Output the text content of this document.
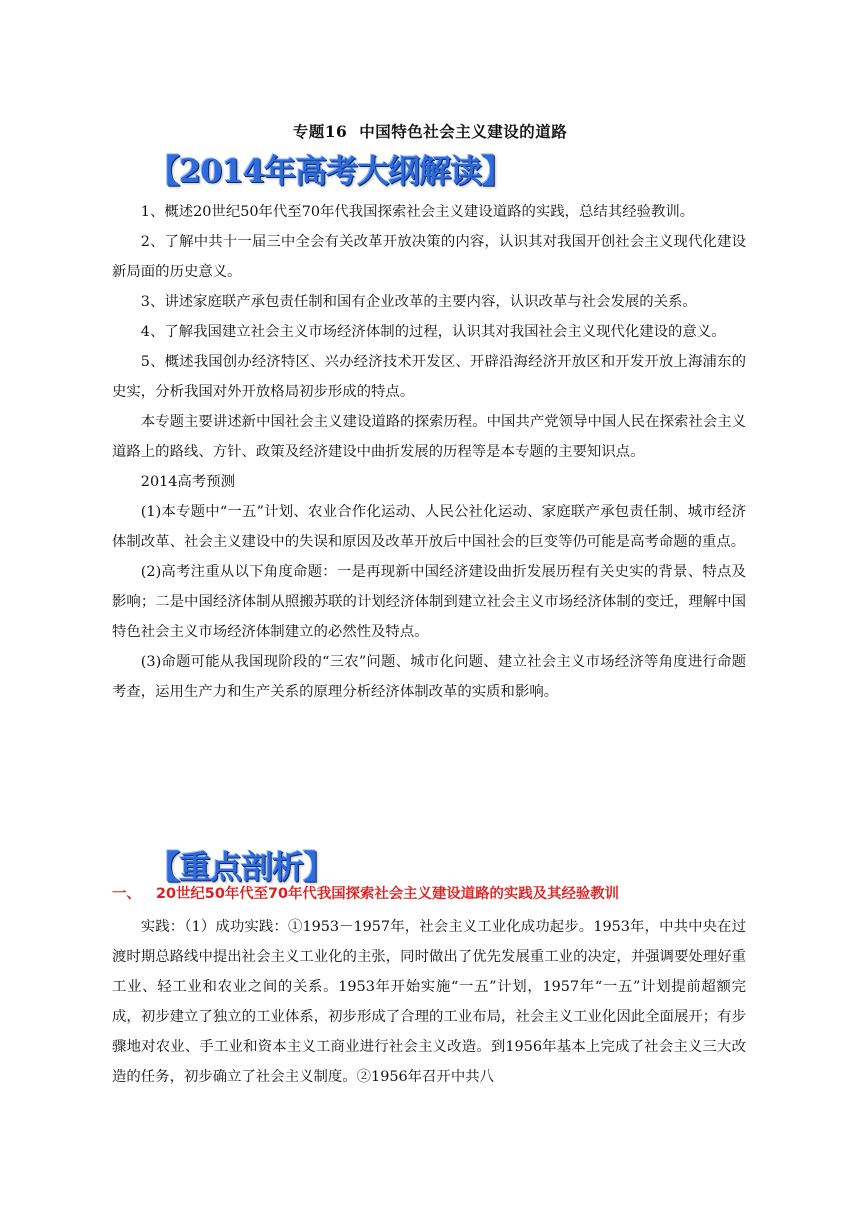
专题16 中国特色社会主义建设的道路
【2014年高考大纲解读】

1、概述20世纪50年代至70年代我国探索社会主义建设道路的实践，总结其经验教训。

2、了解中共十一届三中全会有关改革开放决策的内容，认识其对我国开创社会主义现代化建设新局面的历史意义。

3、讲述家庭联产承包责任制和国有企业改革的主要内容，认识改革与社会发展的关系。

4、了解我国建立社会主义市场经济体制的过程，认识其对我国社会主义现代化建设的意义。

5、概述我国创办经济特区、兴办经济技术开发区、开辟沿海经济开放区和开发开放上海浦东的史实，分析我国对外开放格局初步形成的特点。

本专题主要讲述新中国社会主义建设道路的探索历程。中国共产党领导中国人民在探索社会主义道路上的路线、方针、政策及经济建设中曲折发展的历程等是本专题的主要知识点。

2014高考预测

(1)本专题中“一五”计划、农业合作化运动、人民公社化运动、家庭联产承包责任制、城市经济体制改革、社会主义建设中的失误和原因及改革开放后中国社会的巨变等仍可能是高考命题的重点。

(2)高考注重从以下角度命题：一是再现新中国经济建设曲折发展历程有关史实的背景、特点及影响；二是中国经济体制从照搬苏联的计划经济体制到建立社会主义市场经济体制的变迁，理解中国特色社会主义市场经济体制建立的必然性及特点。

(3)命题可能从我国现阶段的“三农”问题、城市化问题、建立社会主义市场经济等角度进行命题考查，运用生产力和生产关系的原理分析经济体制改革的实质和影响。

【重点剖析】
一、 20世纪50年代至70年代我国探索社会主义建设道路的实践及其经验教训

实践：（1）成功实践：①1953－1957年，社会主义工业化成功起步。1953年，中共中央在过渡时期总路线中提出社会主义工业化的主张，同时做出了优先发展重工业的决定，并强调要处理好重工业、轻工业和农业之间的关系。1953年开始实施“一五”计划，1957年“一五”计划提前超额完成，初步建立了独立的工业体系，初步形成了合理的工业布局，社会主义工业化因此全面展开；有步骤地对农业、手工业和资本主义工商业进行社会主义改造。到1956年基本上完成了社会主义三大改造的任务，初步确立了社会主义制度。②1956年召开中共八
